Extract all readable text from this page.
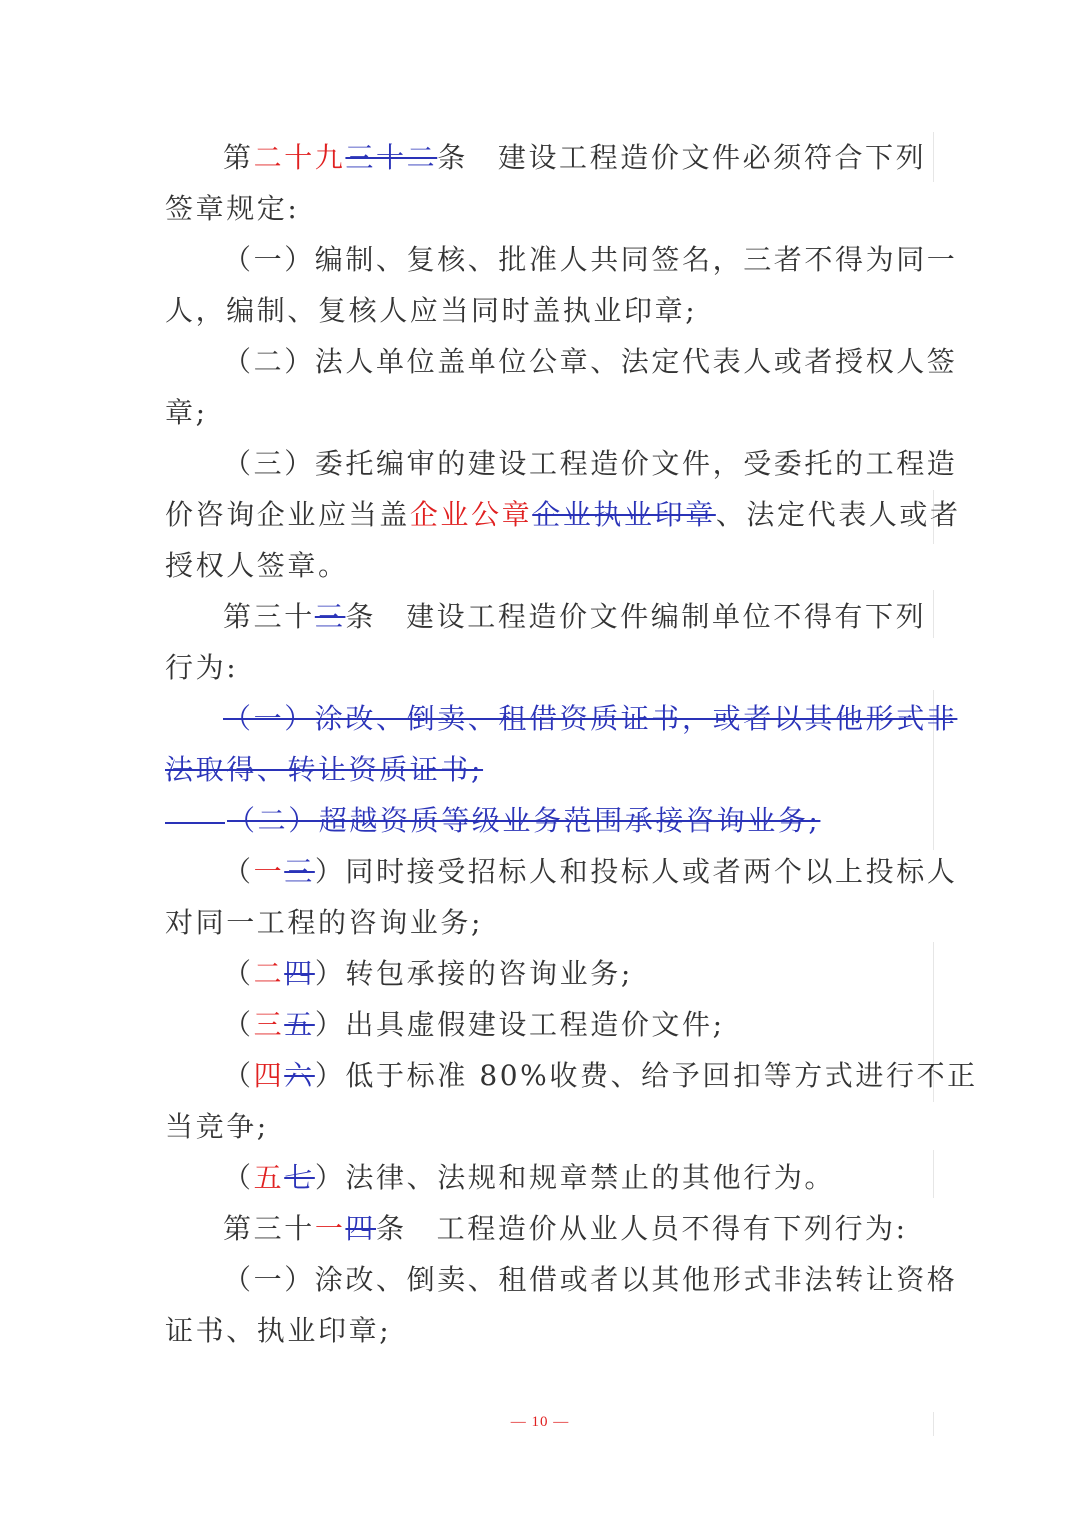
第二十九三十二条 建设工程造价文件必须符合下列
签章规定:
（一）编制、复核、批准人共同签名，三者不得为同一
人，编制、复核人应当同时盖执业印章;
（二）法人单位盖单位公章、法定代表人或者授权人签
章;
（三）委托编审的建设工程造价文件，受委托的工程造
价咨询企业应当盖企业公章企业执业印章、法定代表人或者
授权人签章。
第三十三条 建设工程造价文件编制单位不得有下列
行为:
（一）涂改、倒卖、租借资质证书，或者以其他形式非
法取得、转让资质证书;
（二）超越资质等级业务范围承接咨询业务;
（一三）同时接受招标人和投标人或者两个以上投标人
对同一工程的咨询业务;
（二四）转包承接的咨询业务;
（三五）出具虚假建设工程造价文件;
（四六）低于标准 80%收费、给予回扣等方式进行不正
当竞争;
（五七）法律、法规和规章禁止的其他行为。
第三十一四条 工程造价从业人员不得有下列行为:
（一）涂改、倒卖、租借或者以其他形式非法转让资格
证书、执业印章;
— 10 —
